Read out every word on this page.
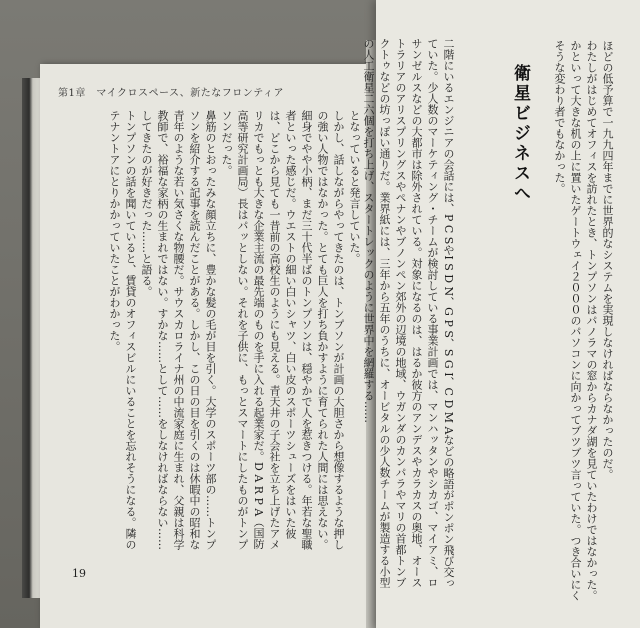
第1章　マイクロスペース、新たなフロンティア
となっていると発言していた。
しかし、話しながらやってきたのは、トンプソンが計画の大胆さから想像するような押しの強い人物ではなかった。とても巨人を打ち負かすように育てられた人間には思えない。細身でやや小柄、まだ三十代半ばのトンプソンは、穏やかで人を惹きつける。年若な聖職者といった感じだ。ウエストの細い白いシャツ、白い皮のスポーツシューズをはいた彼は、どこから見ても一昔前の高校生のようにも見える。青天井の子会社を立ち上げたアメリカでもっとも大きな企業主流の最先端のものを手に入れる起業家だ。D A R P A（国防高等研究計画局）長はパッとしない。それを子供に、もっとスマートにしたものがトンプソンだった。
鼻筋のとおったみな顔立ちに、豊かな髪の毛が目を引く。大学のスポーツ部の……トンプソンを紹介する記事を読んだことがある。しかし、この日の目を引くのは休暇中の昭和な青年のような若い気さくな物腰だ。サウスカロライナ州の中流家庭に生まれ、父親は科学教師で、裕福な家柄の生まれではない。すかな……として……をしなければならない……してきたのが好きだった……と語る。
トンプソンの話を聞いていると、賃貸のオフィスビルにいることを忘れそうになる。隣のテナントアにとりかかっていたことがわかった。
19	二階にいるエンジニアの会話には、P C SやI S D N、G P S、S G I、C D M Aなどの略語がポンポン飛び交っていた。少人数のマーケティング・チームが検討している事業計画では、マンハッタンやシカゴ、マイアミ、ロサンゼルスなどの大都市は除外されている。対象になるのは、はるか彼方のアンデスやカラカスの奥地、オーストラリアのアリスプリングスやペナンやブノンペン郊外の辺境の地域、ウガンダのカンパラやマリの首都トンブクトゥなどの坊っぽい通りだ。業界紙には、三年から五年のうちに、オービタルの少人数チームが製造する小型の人工衛星二六個を打ち上げ、スタートレックのように世界中を網羅する……	衛星ビジネスへ	ほどの低予算で一九九四年までに世界的なシステムを実現しなければならなかったのだ。
わたしがはじめてオフィスを訪れたとき、トンプソンはパノラマの窓からカナダ湖を見ていたわけではなかった。かといって大きな机の上に置いたゲートウェイ２０００のパソコンに向かってブツブツ言っていた。つき合いにくそうな変わり者でもなかった。
